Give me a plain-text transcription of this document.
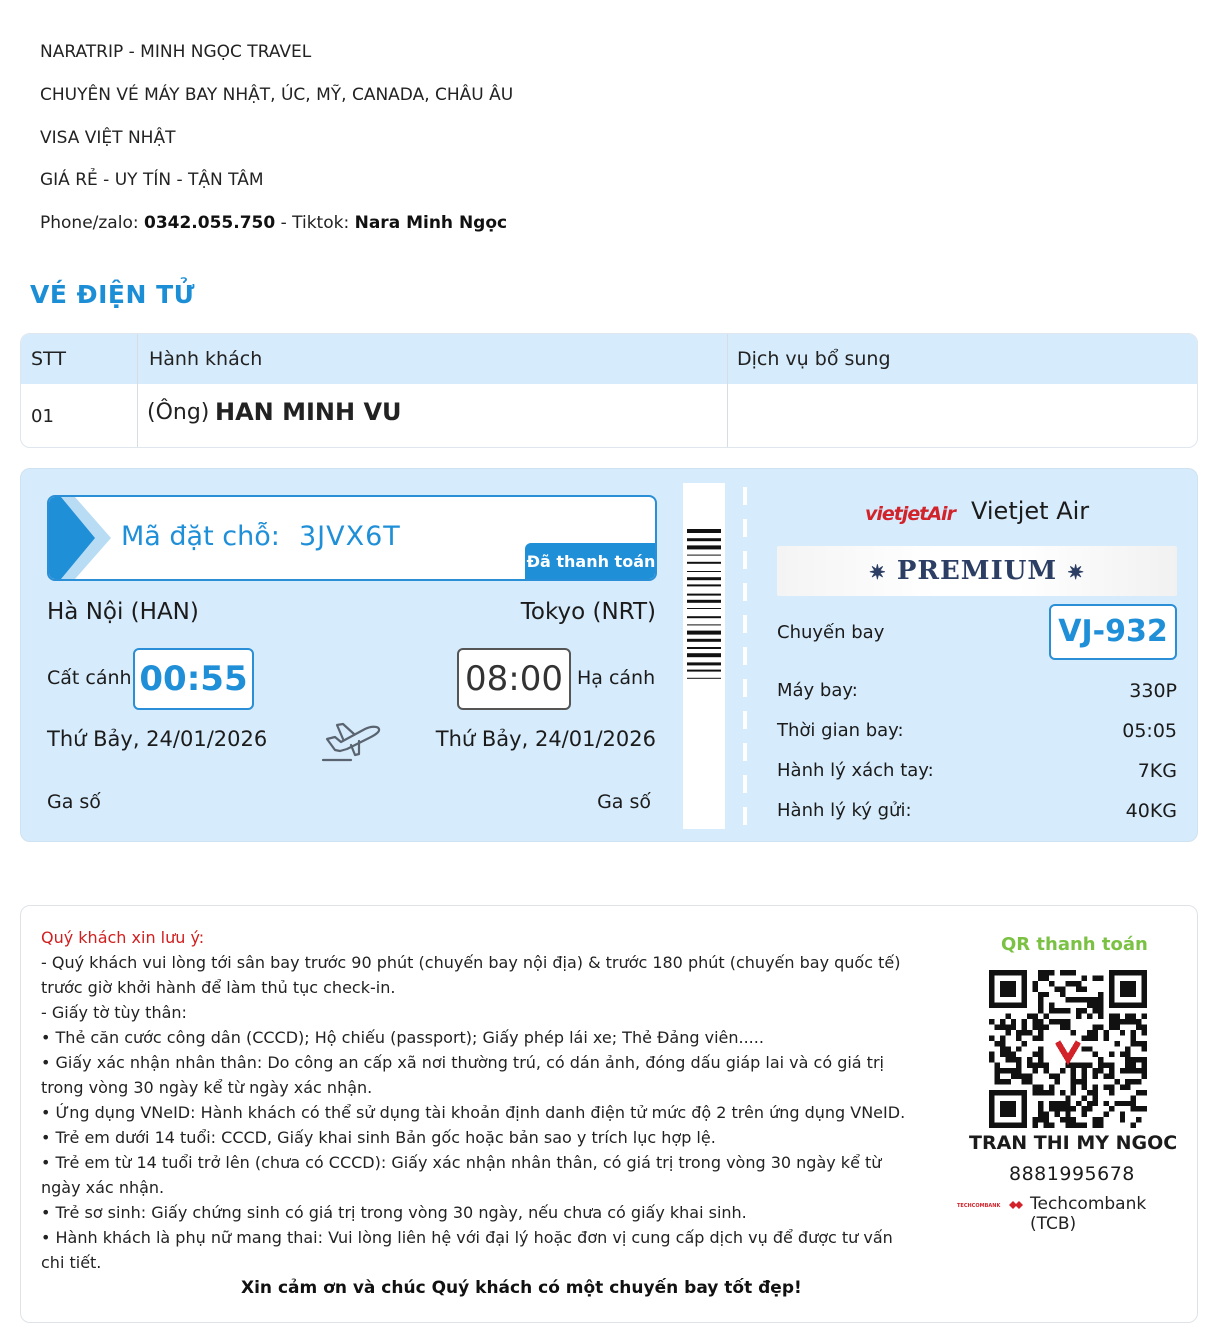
NARATRIP - MINH NGỌC TRAVEL
CHUYÊN VÉ MÁY BAY NHẬT, ÚC, MỸ, CANADA, CHÂU ÂU
VISA VIỆT NHẬT
GIÁ RẺ - UY TÍN - TẬN TÂM
Phone/zalo: 0342.055.750 - Tiktok: Nara Minh Ngọc
VÉ ĐIỆN TỬ
STT	Hành khách	Dịch vụ bổ sung
01	(Ông) HAN MINH VU
Mã đặt chỗ: 3JVX6T
Đã thanh toán
Hà Nội (HAN)	Tokyo (NRT)
Cất cánh 00:55	08:00 Hạ cánh
Thứ Bảy, 24/01/2026	Thứ Bảy, 24/01/2026
Ga số	Ga số
vietjetAir Vietjet Air
✷ PREMIUM ✷
Chuyến bay	VJ-932
Máy bay:	330P
Thời gian bay:	05:05
Hành lý xách tay:	7KG
Hành lý ký gửi:	40KG
Quý khách xin lưu ý:
- Quý khách vui lòng tới sân bay trước 90 phút (chuyến bay nội địa) & trước 180 phút (chuyến bay quốc tế)
trước giờ khởi hành để làm thủ tục check-in.
- Giấy tờ tùy thân:
• Thẻ căn cước công dân (CCCD); Hộ chiếu (passport); Giấy phép lái xe; Thẻ Đảng viên.....
• Giấy xác nhận nhân thân: Do công an cấp xã nơi thường trú, có dán ảnh, đóng dấu giáp lai và có giá trị
trong vòng 30 ngày kể từ ngày xác nhận.
• Ứng dụng VNeID: Hành khách có thể sử dụng tài khoản định danh điện tử mức độ 2 trên ứng dụng VNeID.
• Trẻ em dưới 14 tuổi: CCCD, Giấy khai sinh Bản gốc hoặc bản sao y trích lục hợp lệ.
• Trẻ em từ 14 tuổi trở lên (chưa có CCCD): Giấy xác nhận nhân thân, có giá trị trong vòng 30 ngày kể từ
ngày xác nhận.
• Trẻ sơ sinh: Giấy chứng sinh có giá trị trong vòng 30 ngày, nếu chưa có giấy khai sinh.
• Hành khách là phụ nữ mang thai: Vui lòng liên hệ với đại lý hoặc đơn vị cung cấp dịch vụ để được tư vấn
chi tiết.
Xin cảm ơn và chúc Quý khách có một chuyến bay tốt đẹp!
QR thanh toán
TRAN THI MY NGOC
8881995678
TECHCOMBANK Techcombank (TCB)
